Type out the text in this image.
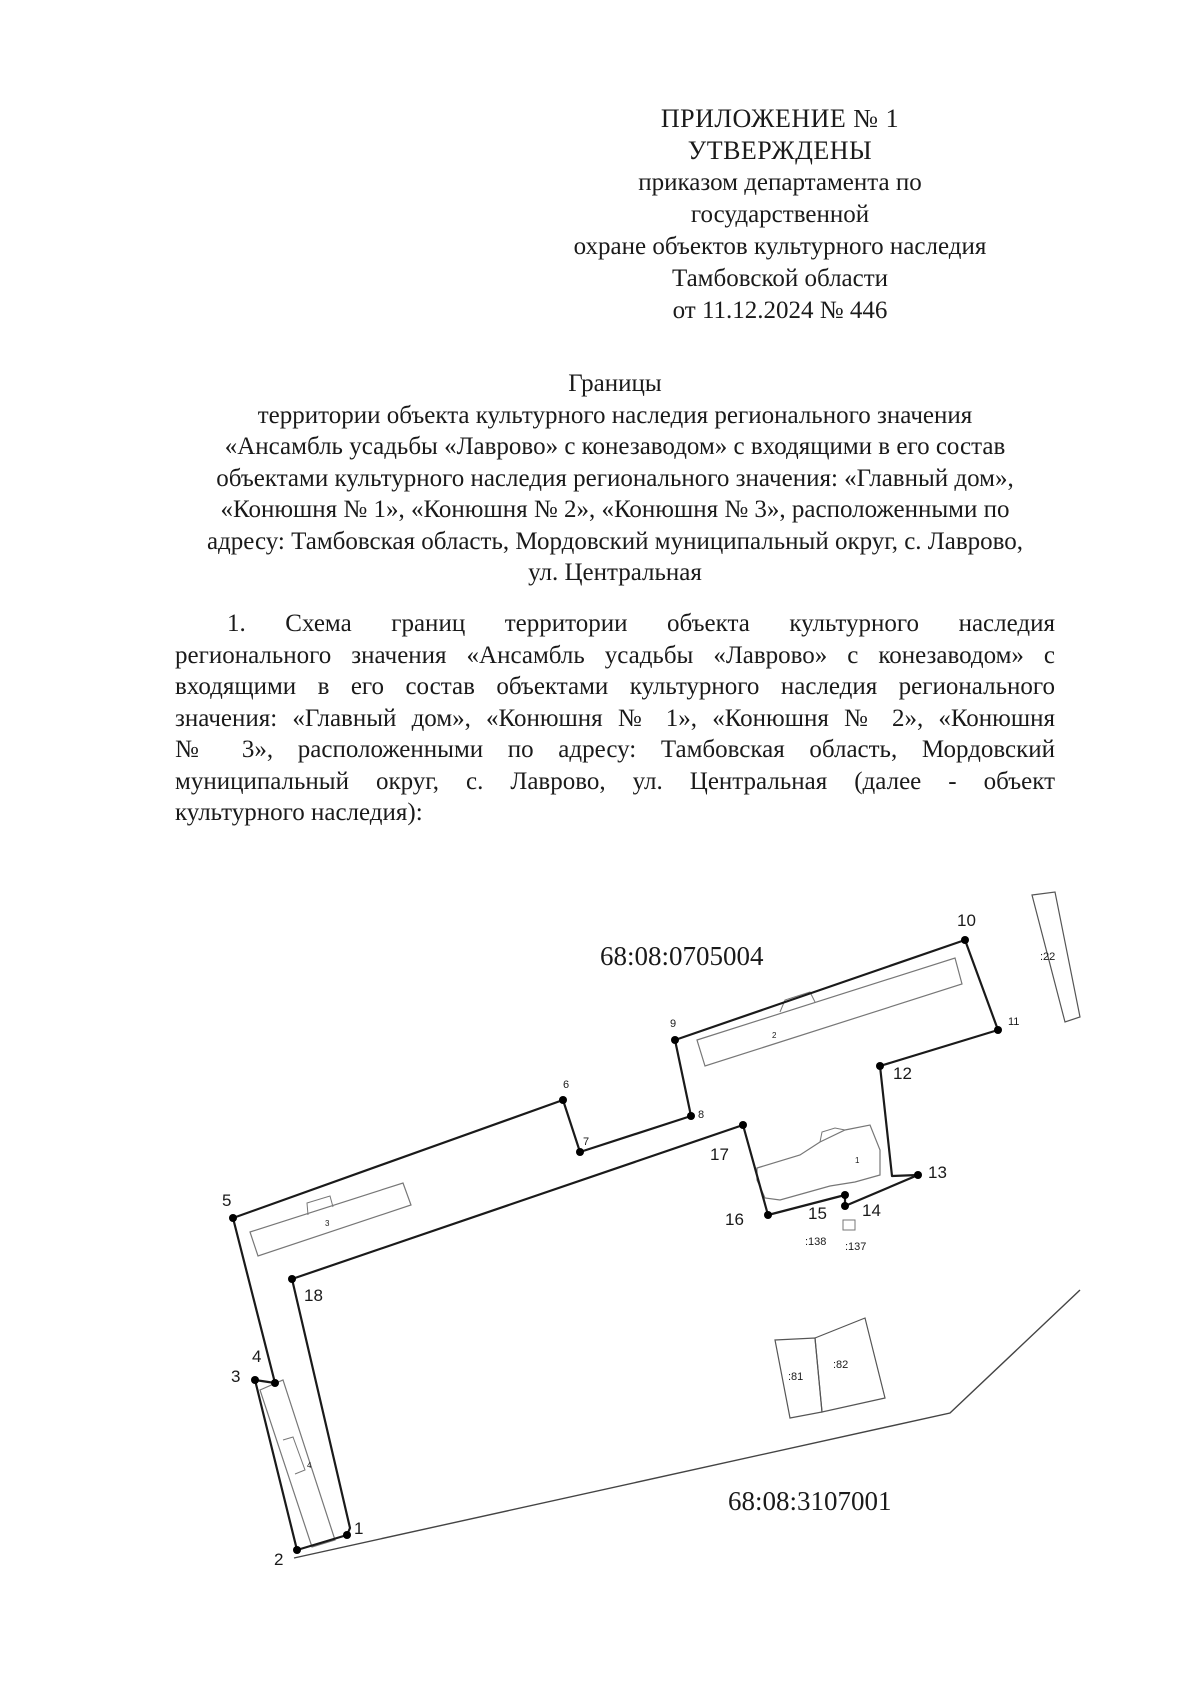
ПРИЛОЖЕНИЕ № 1
УТВЕРЖДЕНЫ
приказом департамента по государственной
охране объектов культурного наследия
Тамбовской области
от 11.12.2024 № 446
Границы
территории объекта культурного наследия регионального значения
«Ансамбль усадьбы «Лаврово» с конезаводом» с входящими в его состав
объектами культурного наследия регионального значения: «Главный дом»,
«Конюшня № 1», «Конюшня № 2», «Конюшня № 3», расположенными по
адресу: Тамбовская область, Мордовский муниципальный округ, с. Лаврово,
ул. Центральная
1. Схема границ территории объекта культурного наследия
регионального значения «Ансамбль усадьбы «Лаврово» с конезаводом» с
входящими в его состав объектами культурного наследия регионального
значения: «Главный дом», «Конюшня № 1», «Конюшня № 2», «Конюшня
№ 3», расположенными по адресу: Тамбовская область, Мордовский
муниципальный округ, с. Лаврово, ул. Центральная (далее - объект
культурного наследия):
68:08:0705004
68:08:3107001
:22
:81
:82
2
3
4
1
:138 :137
1
2
3
4
5
6
7
8
9
10
11
12
13
14
15
16
17
18
